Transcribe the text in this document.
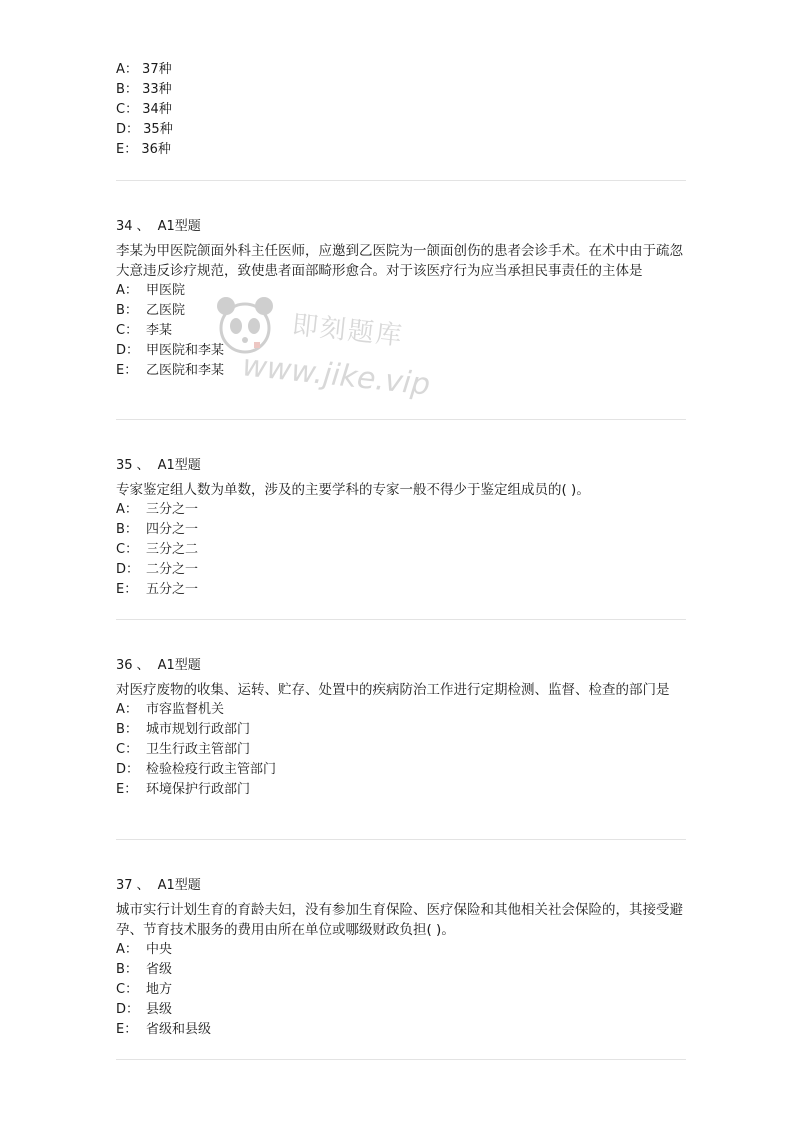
A： 37种
B： 33种
C： 34种
D： 35种
E： 36种
34 、 A1型题
李某为甲医院颌面外科主任医师，应邀到乙医院为一颌面创伤的患者会诊手术。在术中由于疏忽大意违反诊疗规范，致使患者面部畸形愈合。对于该医疗行为应当承担民事责任的主体是
A： 甲医院
B： 乙医院
C： 李某
D： 甲医院和李某
E： 乙医院和李某
35 、 A1型题
专家鉴定组人数为单数，涉及的主要学科的专家一般不得少于鉴定组成员的( )。
A： 三分之一
B： 四分之一
C： 三分之二
D： 二分之一
E： 五分之一
36 、 A1型题
对医疗废物的收集、运转、贮存、处置中的疾病防治工作进行定期检测、监督、检查的部门是
A： 市容监督机关
B： 城市规划行政部门
C： 卫生行政主管部门
D： 检验检疫行政主管部门
E： 环境保护行政部门
37 、 A1型题
城市实行计划生育的育龄夫妇，没有参加生育保险、医疗保险和其他相关社会保险的，其接受避孕、节育技术服务的费用由所在单位或哪级财政负担( )。
A： 中央
B： 省级
C： 地方
D： 县级
E： 省级和县级
即刻题库
www.jike.vip
